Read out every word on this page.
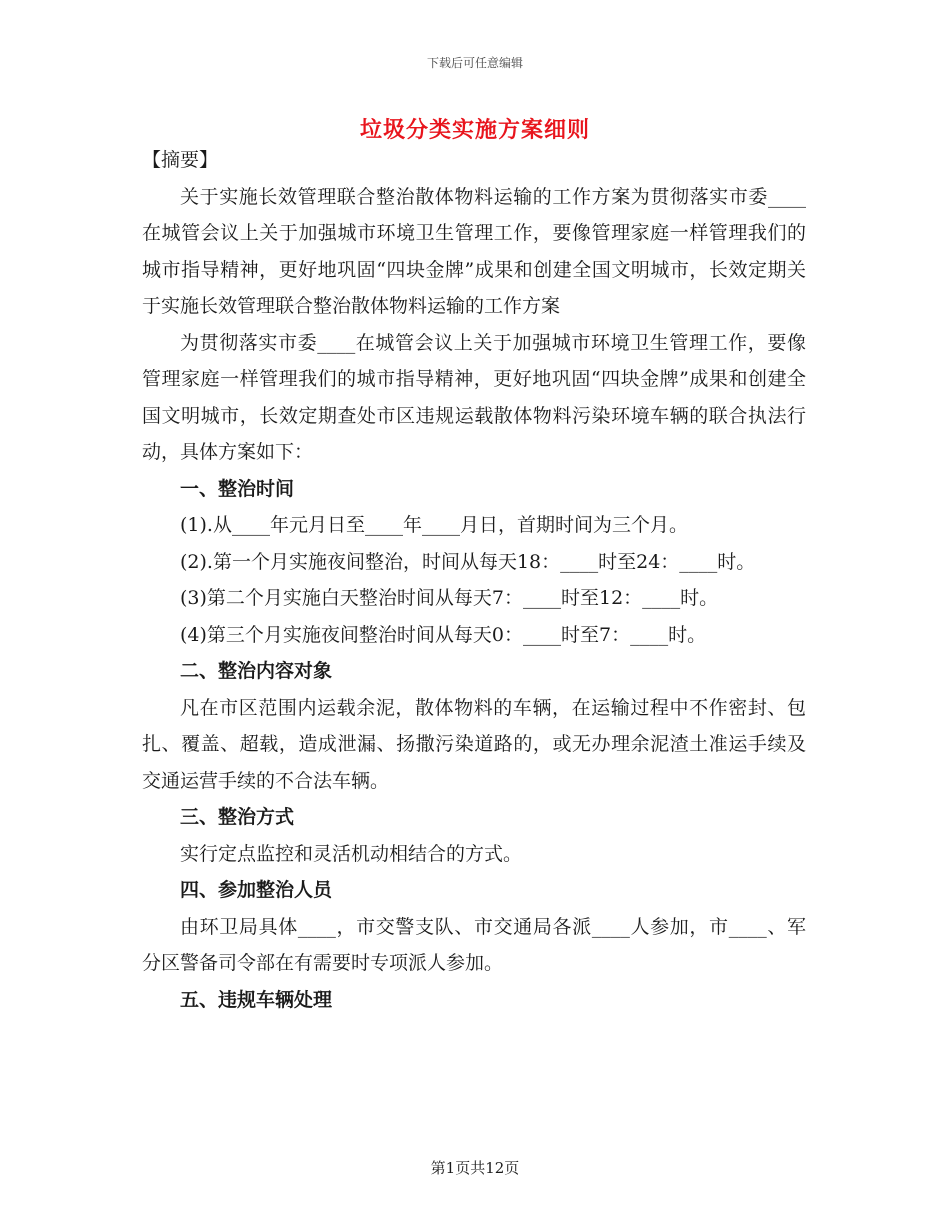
下载后可任意编辑
垃圾分类实施方案细则

【摘要】

关于实施长效管理联合整治散体物料运输的工作方案为贯彻落实市委____在城管会议上关于加强城市环境卫生管理工作，要像管理家庭一样管理我们的城市指导精神，更好地巩固“四块金牌”成果和创建全国文明城市，长效定期关于实施长效管理联合整治散体物料运输的工作方案

为贯彻落实市委____在城管会议上关于加强城市环境卫生管理工作，要像管理家庭一样管理我们的城市指导精神，更好地巩固“四块金牌”成果和创建全国文明城市，长效定期查处市区违规运载散体物料污染环境车辆的联合执法行动，具体方案如下：

一、整治时间

(1).从____年元月日至____年____月日，首期时间为三个月。

(2).第一个月实施夜间整治，时间从每天18：____时至24：____时。

(3)第二个月实施白天整治时间从每天7：____时至12：____时。

(4)第三个月实施夜间整治时间从每天0：____时至7：____时。

二、整治内容对象

凡在市区范围内运载余泥，散体物料的车辆，在运输过程中不作密封、包扎、覆盖、超载，造成泄漏、扬撒污染道路的，或无办理余泥渣土准运手续及交通运营手续的不合法车辆。

三、整治方式

实行定点监控和灵活机动相结合的方式。

四、参加整治人员

由环卫局具体____，市交警支队、市交通局各派____人参加，市____、军分区警备司令部在有需要时专项派人参加。

五、违规车辆处理

第1页共12页
